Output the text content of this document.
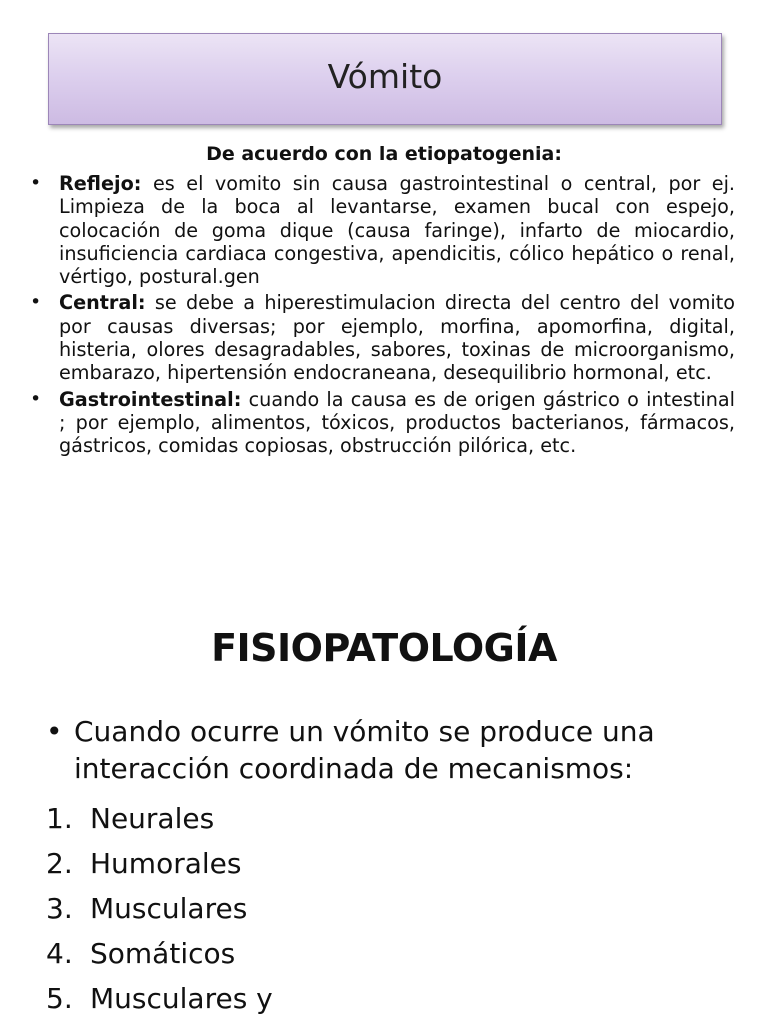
Vómito
De acuerdo con la etiopatogenia:
• Reflejo: es el vomito sin causa gastrointestinal o central, por ej. Limpieza de la boca al levantarse, examen bucal con espejo, colocación de goma dique (causa faringe), infarto de miocardio, insuficiencia cardiaca congestiva, apendicitis, cólico hepático o renal, vértigo, postural.gen
• Central: se debe a hiperestimulacion directa del centro del vomito por causas diversas; por ejemplo, morfina, apomorfina, digital, histeria, olores desagradables, sabores, toxinas de microorganismo, embarazo, hipertensión endocraneana, desequilibrio hormonal, etc.
• Gastrointestinal: cuando la causa es de origen gástrico o intestinal ; por ejemplo, alimentos, tóxicos, productos bacterianos, fármacos, gástricos, comidas copiosas, obstrucción pilórica, etc.
FISIOPATOLOGÍA
• Cuando ocurre un vómito se produce una interacción coordinada de mecanismos:
1. Neurales
2. Humorales
3. Musculares
4. Somáticos
5. Musculares y
